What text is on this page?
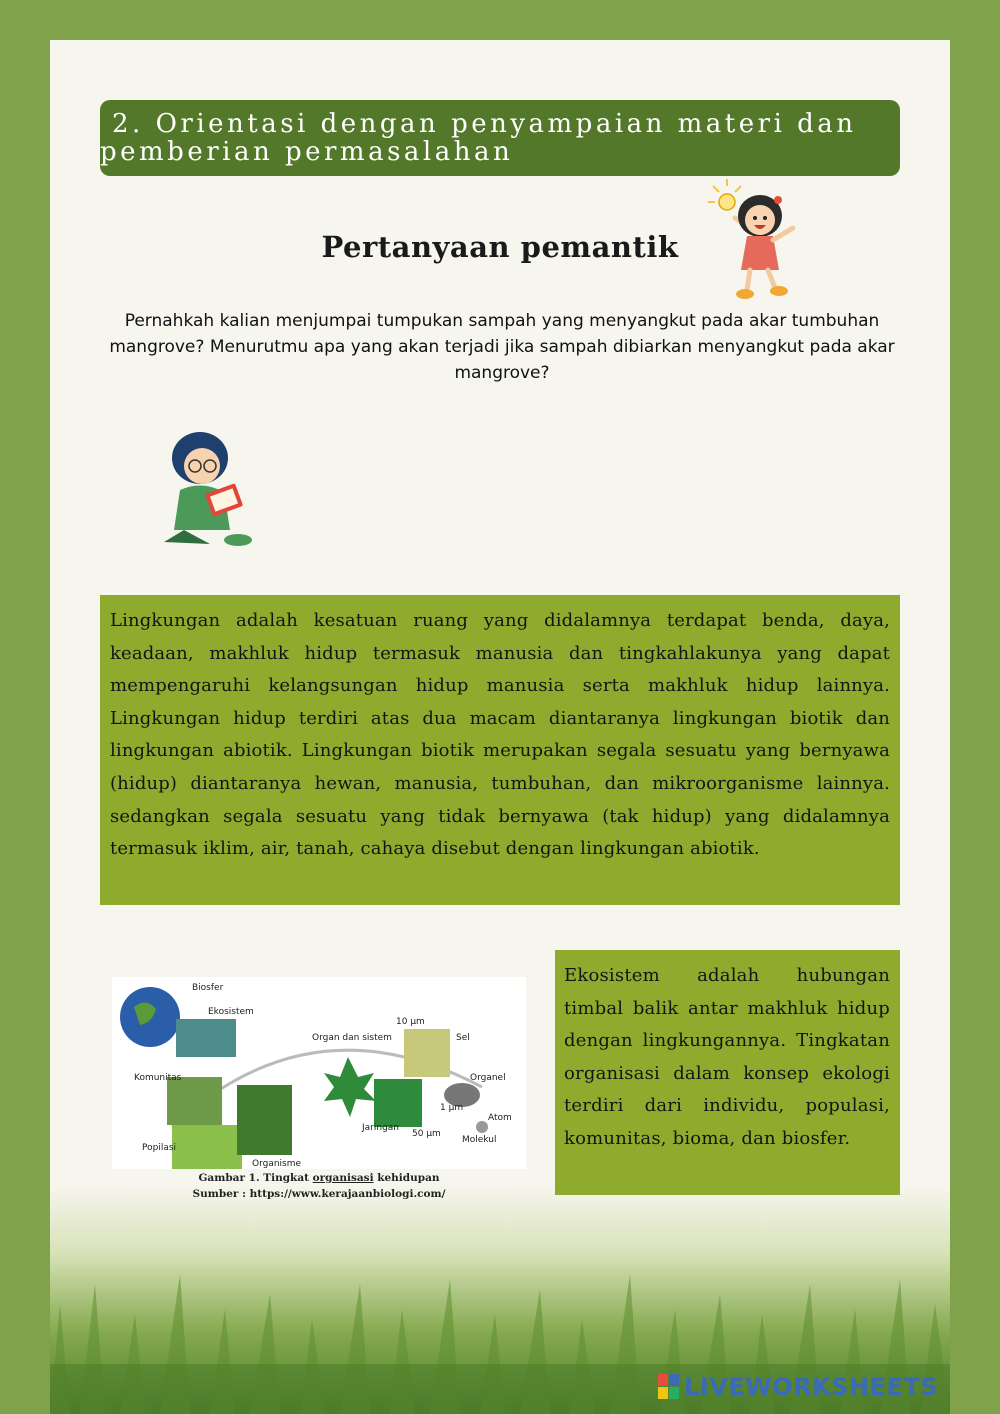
2. Orientasi dengan penyampaian materi dan
pemberian permasalahan
Pertanyaan pemantik
Pernahkah kalian menjumpai tumpukan sampah yang menyangkut pada akar tumbuhan mangrove? Menurutmu apa yang akan terjadi jika sampah dibiarkan menyangkut pada akar mangrove?

Lingkungan adalah kesatuan ruang yang didalamnya terdapat benda, daya, keadaan, makhluk hidup termasuk manusia dan tingkahlakunya yang dapat mempengaruhi kelangsungan hidup manusia serta makhluk hidup lainnya. Lingkungan hidup terdiri atas dua macam diantaranya lingkungan biotik dan lingkungan abiotik. Lingkungan biotik merupakan segala sesuatu yang bernyawa (hidup) diantaranya hewan, manusia, tumbuhan, dan mikroorganisme lainnya. sedangkan segala sesuatu yang tidak bernyawa (tak hidup) yang didalamnya termasuk iklim, air, tanah, cahaya disebut dengan lingkungan abiotik.

Biosfer
Ekosistem
Komunitas
Popilasi
Organisme
Organ dan sistem
10 µm
Sel
Organel
1 µm
Atom
Jaringan
50 µm
Molekul
Gambar 1. Tingkat organisasi kehidupan
Sumber : https://www.kerajaanbiologi.com/

Ekosistem adalah hubungan timbal balik antar makhluk hidup dengan lingkungannya. Tingkatan organisasi dalam konsep ekologi terdiri dari individu, populasi, komunitas, bioma, dan biosfer.

LIVEWORKSHEETS
